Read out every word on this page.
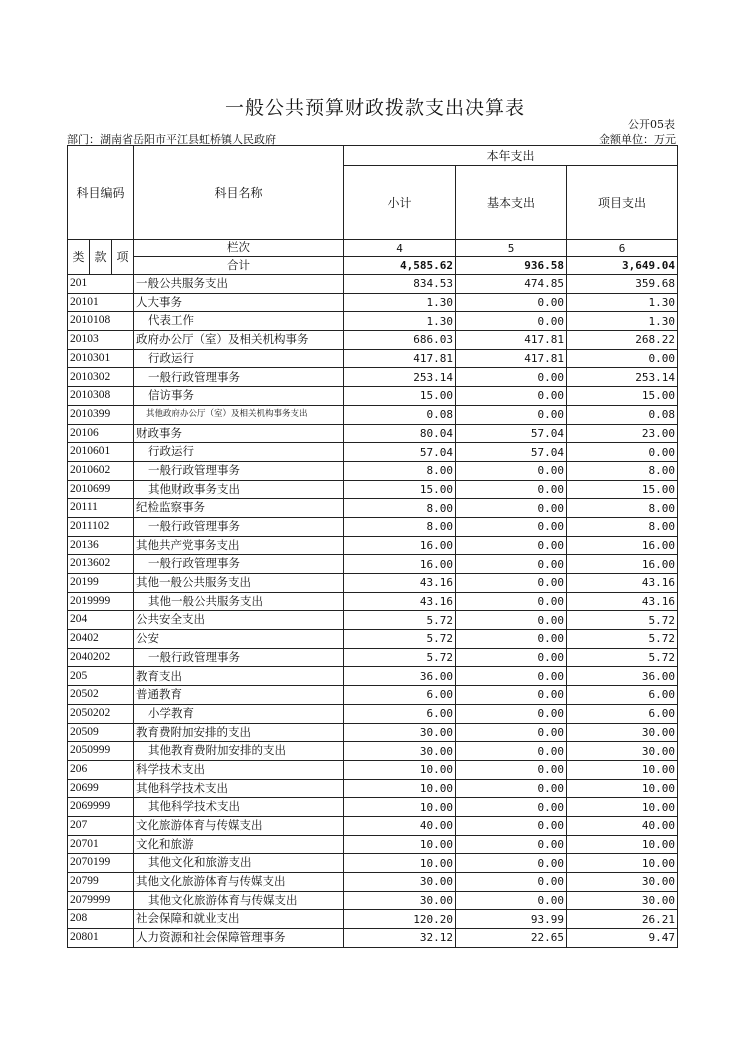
一般公共预算财政拨款支出决算表
公开05表
部门：湖南省岳阳市平江县虹桥镇人民政府	金额单位：万元
科目编码			科目名称	本年支出		
				小计	基本支出	项目支出
类	款	项	栏次	4	5	6
			合计	4,585.62	936.58	3,649.04
201			一般公共服务支出	834.53	474.85	359.68
20101			人大事务	1.30	0.00	1.30
2010108			代表工作	1.30	0.00	1.30
20103			政府办公厅（室）及相关机构事务	686.03	417.81	268.22
2010301			行政运行	417.81	417.81	0.00
2010302			一般行政管理事务	253.14	0.00	253.14
2010308			信访事务	15.00	0.00	15.00
2010399			其他政府办公厅（室）及相关机构事务支出	0.08	0.00	0.08
20106			财政事务	80.04	57.04	23.00
2010601			行政运行	57.04	57.04	0.00
2010602			一般行政管理事务	8.00	0.00	8.00
2010699			其他财政事务支出	15.00	0.00	15.00
20111			纪检监察事务	8.00	0.00	8.00
2011102			一般行政管理事务	8.00	0.00	8.00
20136			其他共产党事务支出	16.00	0.00	16.00
2013602			一般行政管理事务	16.00	0.00	16.00
20199			其他一般公共服务支出	43.16	0.00	43.16
2019999			其他一般公共服务支出	43.16	0.00	43.16
204			公共安全支出	5.72	0.00	5.72
20402			公安	5.72	0.00	5.72
2040202			一般行政管理事务	5.72	0.00	5.72
205			教育支出	36.00	0.00	36.00
20502			普通教育	6.00	0.00	6.00
2050202			小学教育	6.00	0.00	6.00
20509			教育费附加安排的支出	30.00	0.00	30.00
2050999			其他教育费附加安排的支出	30.00	0.00	30.00
206			科学技术支出	10.00	0.00	10.00
20699			其他科学技术支出	10.00	0.00	10.00
2069999			其他科学技术支出	10.00	0.00	10.00
207			文化旅游体育与传媒支出	40.00	0.00	40.00
20701			文化和旅游	10.00	0.00	10.00
2070199			其他文化和旅游支出	10.00	0.00	10.00
20799			其他文化旅游体育与传媒支出	30.00	0.00	30.00
2079999			其他文化旅游体育与传媒支出	30.00	0.00	30.00
208			社会保障和就业支出	120.20	93.99	26.21
20801			人力资源和社会保障管理事务	32.12	22.65	9.47
